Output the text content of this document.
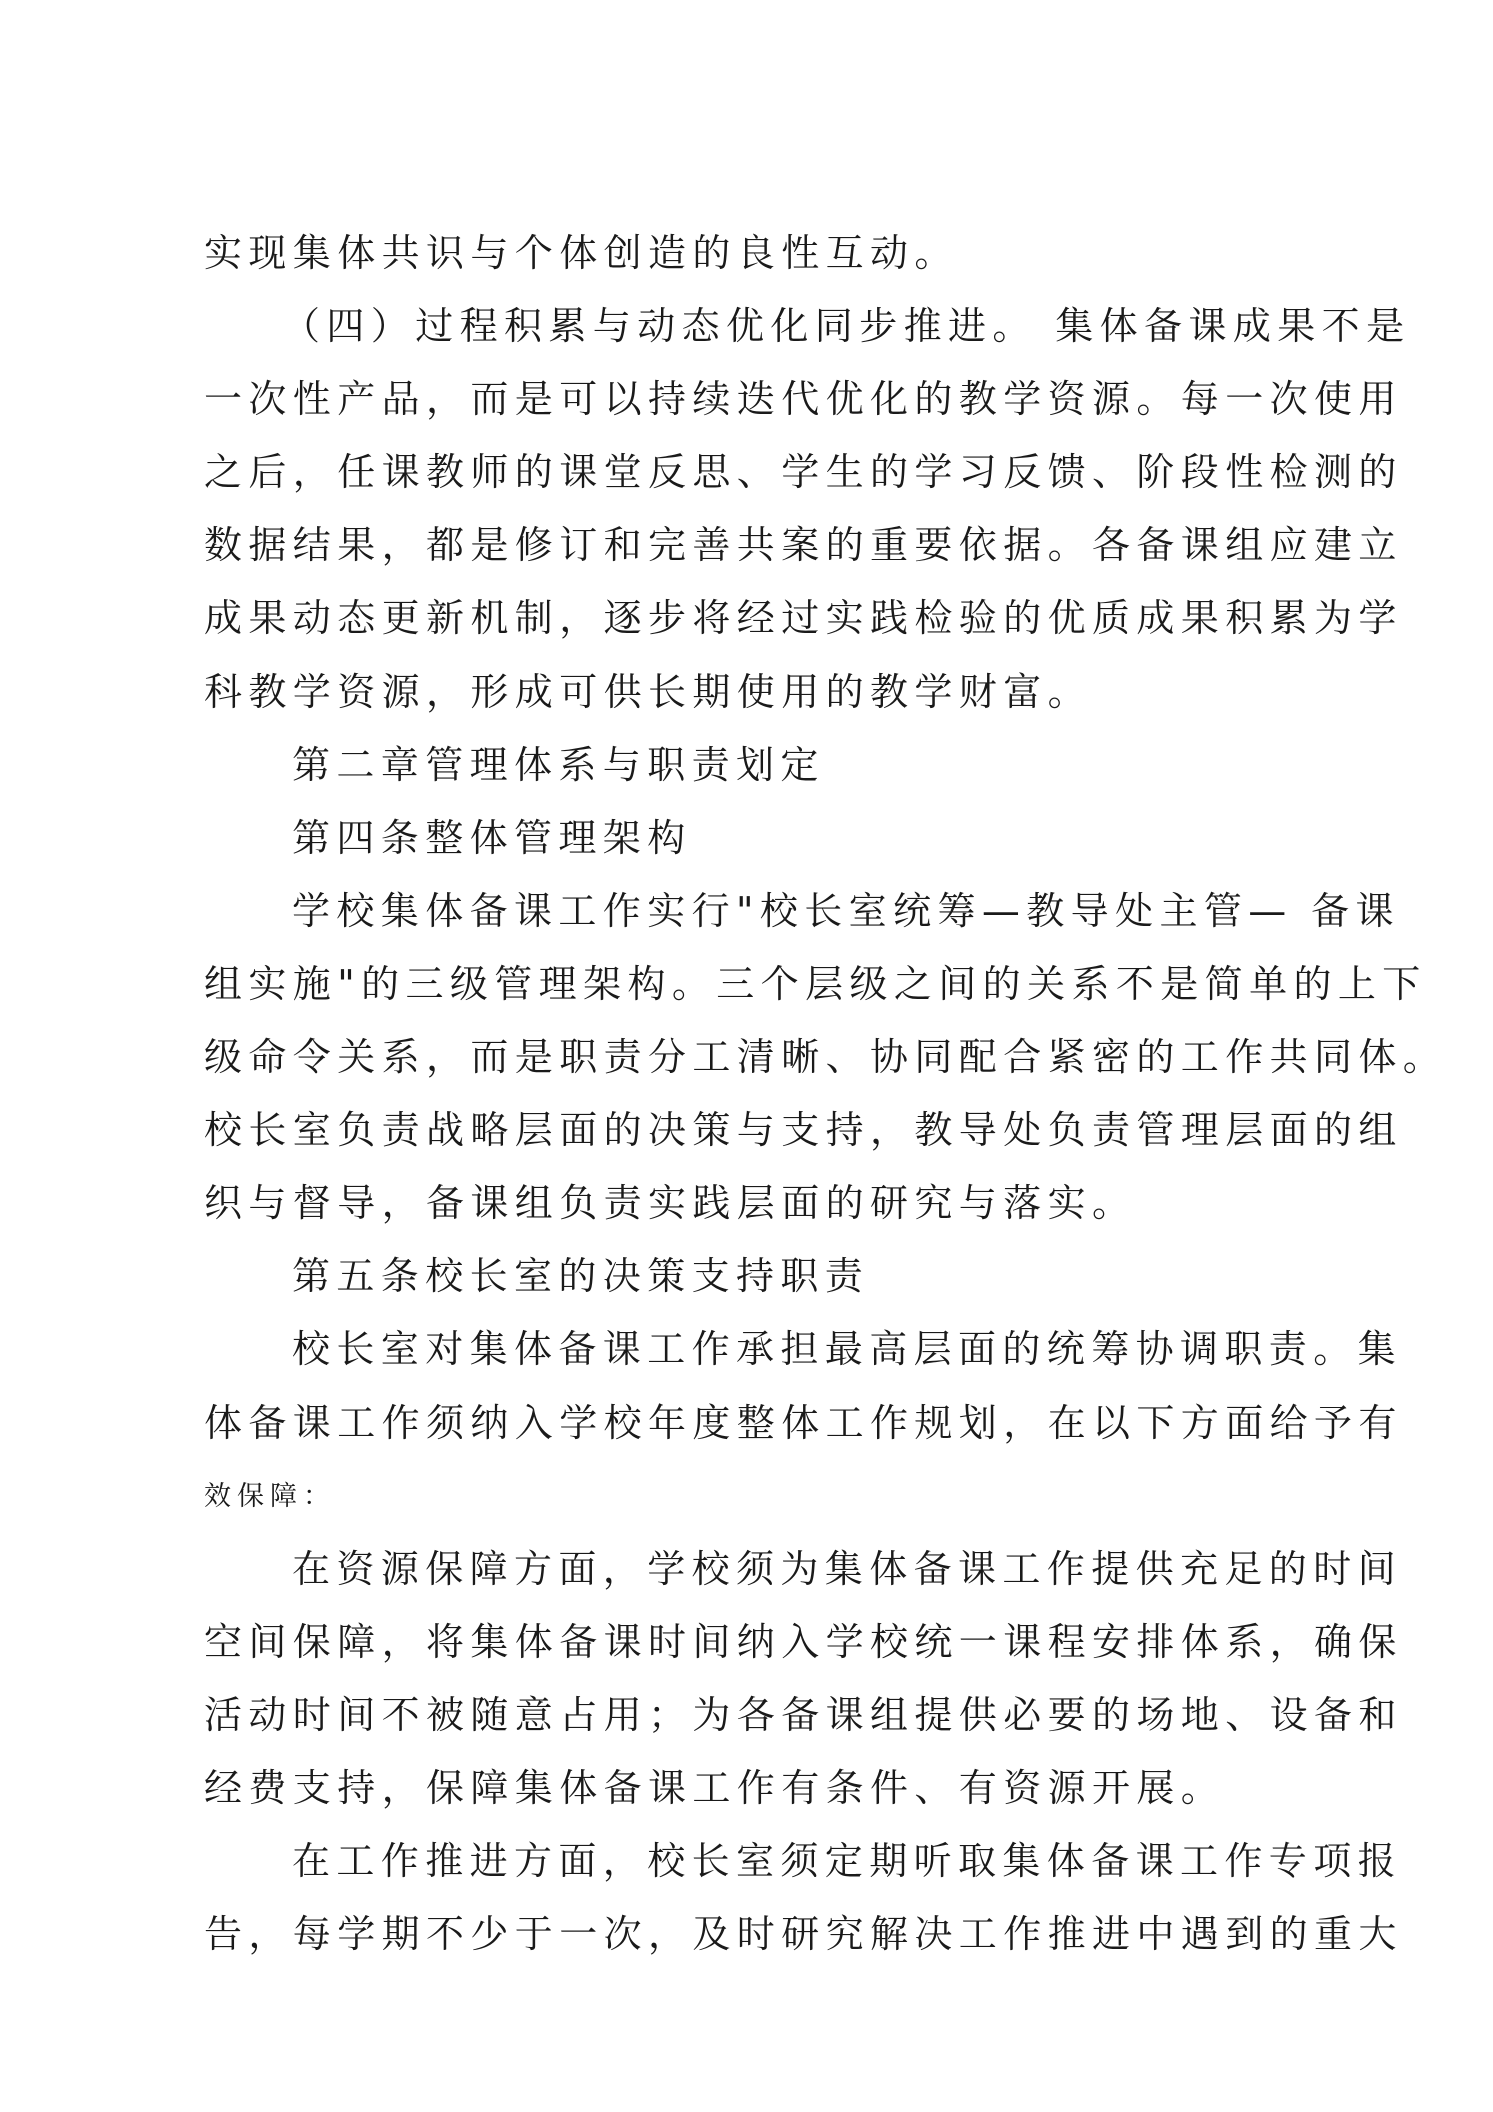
实现集体共识与个体创造的良性互动。
（四）过程积累与动态优化同步推进。 集体备课成果不是
一次性产品，而是可以持续迭代优化的教学资源。每一次使用
之后，任课教师的课堂反思、学生的学习反馈、阶段性检测的
数据结果，都是修订和完善共案的重要依据。各备课组应建立
成果动态更新机制，逐步将经过实践检验的优质成果积累为学
科教学资源，形成可供长期使用的教学财富。
第二章管理体系与职责划定
第四条整体管理架构
学校集体备课工作实行"校长室统筹—教导处主管— 备课
组实施"的三级管理架构。三个层级之间的关系不是简单的上下
级命令关系，而是职责分工清晰、协同配合紧密的工作共同体。
校长室负责战略层面的决策与支持，教导处负责管理层面的组
织与督导，备课组负责实践层面的研究与落实。
第五条校长室的决策支持职责
校长室对集体备课工作承担最高层面的统筹协调职责。集
体备课工作须纳入学校年度整体工作规划，在以下方面给予有
效保障：
在资源保障方面，学校须为集体备课工作提供充足的时间
空间保障，将集体备课时间纳入学校统一课程安排体系，确保
活动时间不被随意占用；为各备课组提供必要的场地、设备和
经费支持，保障集体备课工作有条件、有资源开展。
在工作推进方面，校长室须定期听取集体备课工作专项报
告，每学期不少于一次，及时研究解决工作推进中遇到的重大
